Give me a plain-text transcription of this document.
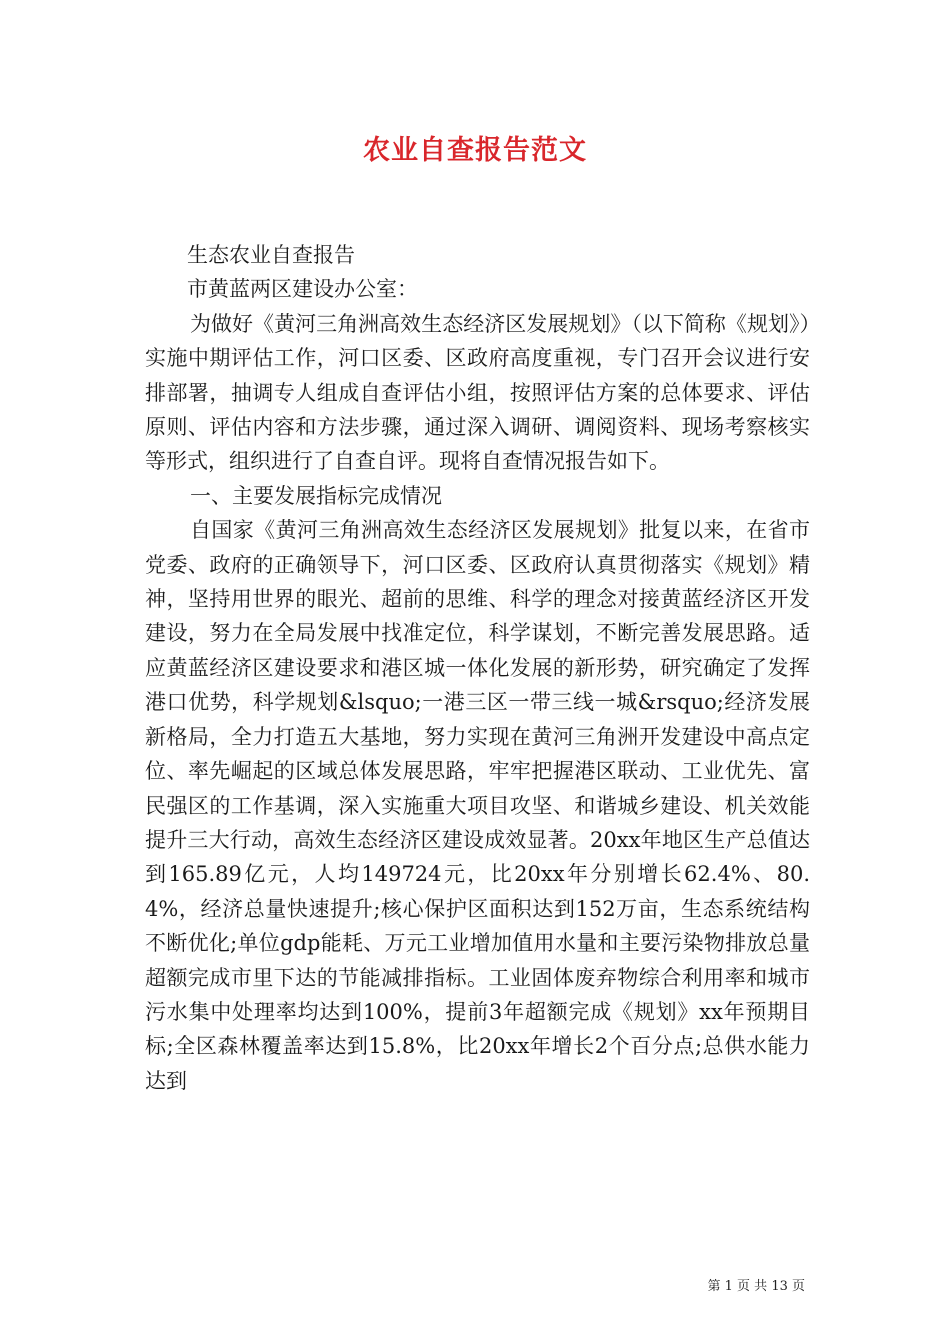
农业自查报告范文

生态农业自查报告

市黄蓝两区建设办公室：

为做好《黄河三角洲高效生态经济区发展规划》（以下简称《规划》）实施中期评估工作，河口区委、区政府高度重视，专门召开会议进行安排部署，抽调专人组成自查评估小组，按照评估方案的总体要求、评估原则、评估内容和方法步骤，通过深入调研、调阅资料、现场考察核实等形式，组织进行了自查自评。现将自查情况报告如下。

一、主要发展指标完成情况

自国家《黄河三角洲高效生态经济区发展规划》批复以来，在省市党委、政府的正确领导下，河口区委、区政府认真贯彻落实《规划》精神，坚持用世界的眼光、超前的思维、科学的理念对接黄蓝经济区开发建设，努力在全局发展中找准定位，科学谋划，不断完善发展思路。适应黄蓝经济区建设要求和港区城一体化发展的新形势，研究确定了发挥港口优势，科学规划&lsquo;一港三区一带三线一城&rsquo;经济发展新格局，全力打造五大基地，努力实现在黄河三角洲开发建设中高点定位、率先崛起的区域总体发展思路，牢牢把握港区联动、工业优先、富民强区的工作基调，深入实施重大项目攻坚、和谐城乡建设、机关效能提升三大行动，高效生态经济区建设成效显著。20xx年地区生产总值达到165.89亿元，人均149724元，比20xx年分别增长62.4%、80.4%，经济总量快速提升;核心保护区面积达到152万亩，生态系统结构不断优化;单位gdp能耗、万元工业增加值用水量和主要污染物排放总量超额完成市里下达的节能减排指标。工业固体废弃物综合利用率和城市污水集中处理率均达到100%，提前3年超额完成《规划》xx年预期目标;全区森林覆盖率达到15.8%，比20xx年增长2个百分点;总供水能力达到

第 1 页 共 13 页
